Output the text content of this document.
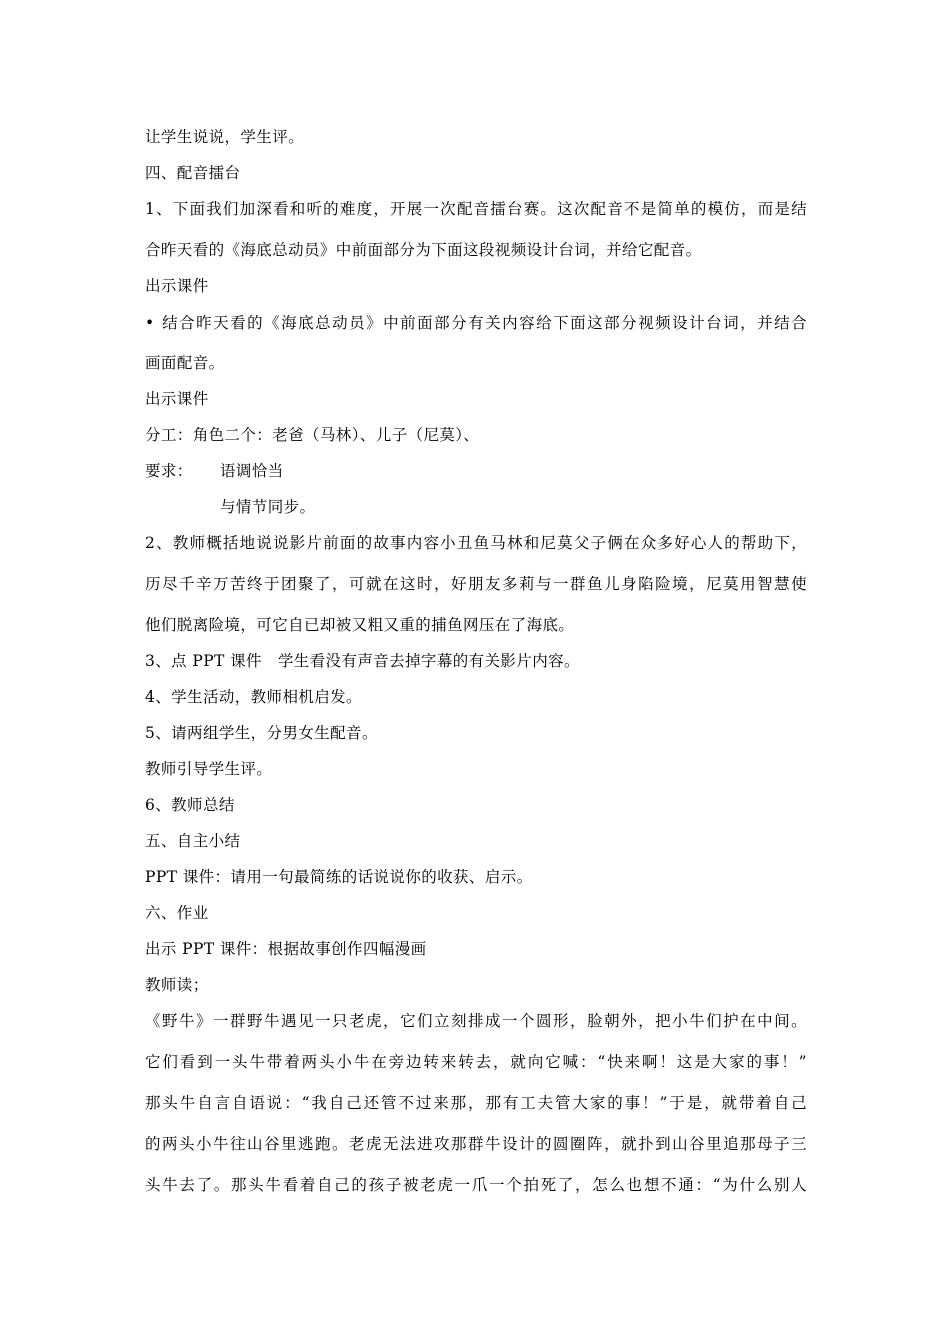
让学生说说，学生评。
四、配音擂台
1、下面我们加深看和听的难度，开展一次配音擂台赛。这次配音不是简单的模仿，而是结
合昨天看的《海底总动员》中前面部分为下面这段视频设计台词，并给它配音。
出示课件
• 结合昨天看的《海底总动员》中前面部分有关内容给下面这部分视频设计台词，并结合
画面配音。
出示课件
分工：角色二个：老爸（马林）、儿子（尼莫）、
要求： 语调恰当
与情节同步。
2、教师概括地说说影片前面的故事内容小丑鱼马林和尼莫父子俩在众多好心人的帮助下，
历尽千辛万苦终于团聚了，可就在这时，好朋友多莉与一群鱼儿身陷险境，尼莫用智慧使
他们脱离险境，可它自已却被又粗又重的捕鱼网压在了海底。
3、点 PPT 课件　学生看没有声音去掉字幕的有关影片内容。
4、学生活动，教师相机启发。
5、请两组学生，分男女生配音。
教师引导学生评。
6、教师总结
五、自主小结
PPT 课件：请用一句最简练的话说说你的收获、启示。
六、作业
出示 PPT 课件：根据故事创作四幅漫画
教师读；
《野牛》一群野牛遇见一只老虎，它们立刻排成一个圆形，脸朝外，把小牛们护在中间。
它们看到一头牛带着两头小牛在旁边转来转去，就向它喊：“快来啊！这是大家的事！”
那头牛自言自语说：“我自己还管不过来那，那有工夫管大家的事！”于是，就带着自己
的两头小牛往山谷里逃跑。老虎无法进攻那群牛设计的圆圈阵，就扑到山谷里追那母子三
头牛去了。那头牛看着自己的孩子被老虎一爪一个拍死了，怎么也想不通：“为什么别人
